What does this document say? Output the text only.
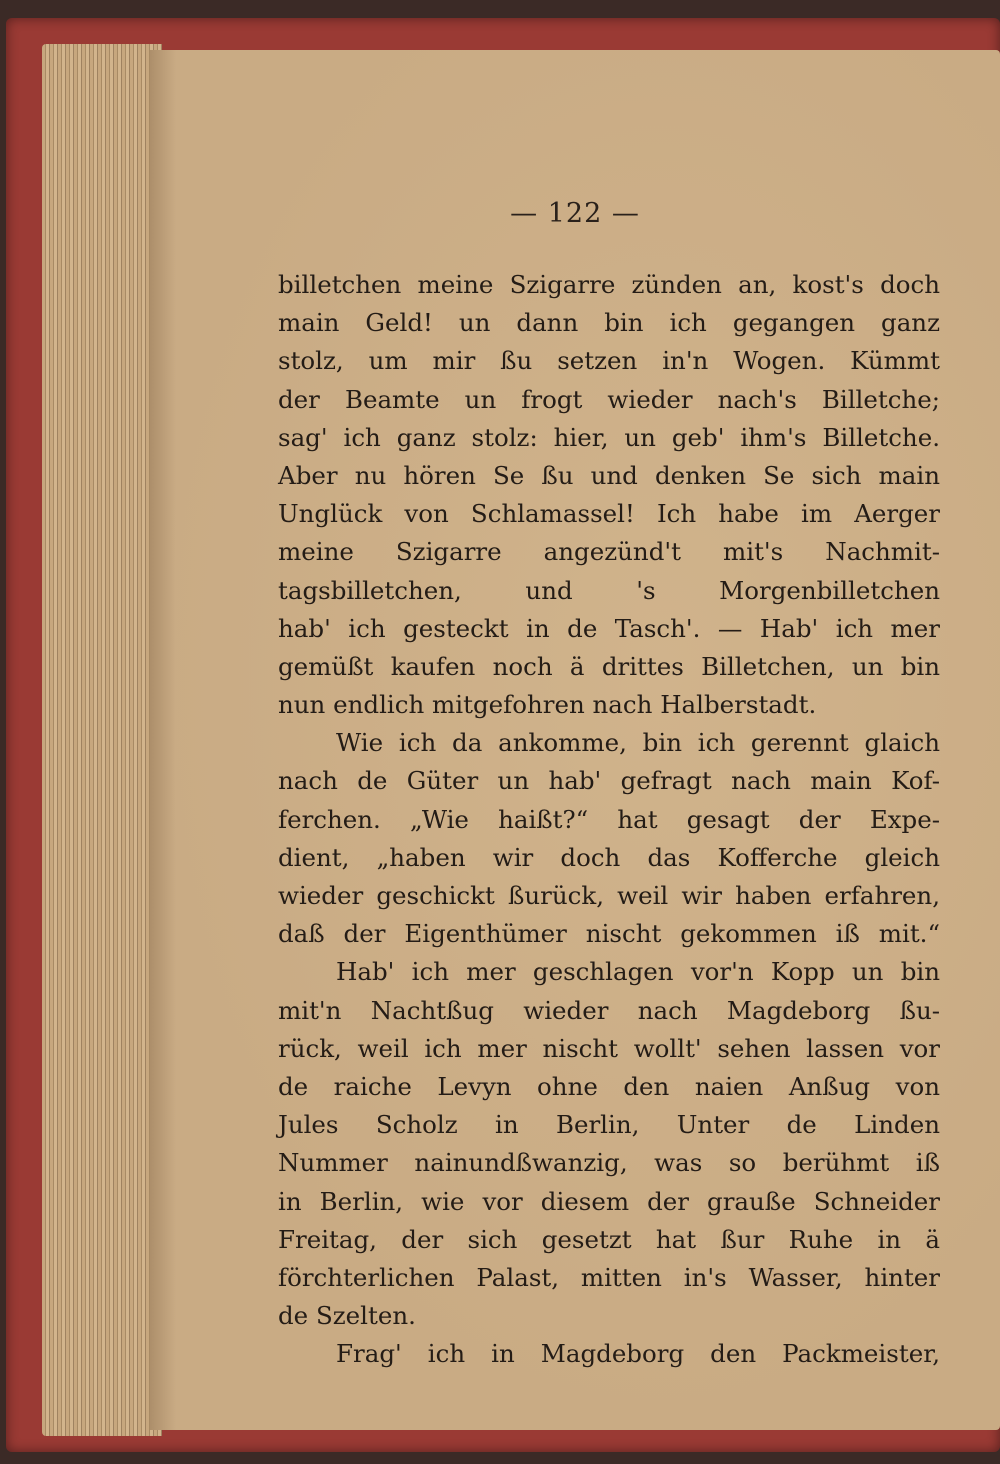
— 122 —
billetchen meine Szigarre zünden an, kost's doch
main Geld! un dann bin ich gegangen ganz
stolz, um mir ßu setzen in'n Wogen. Kümmt
der Beamte un frogt wieder nach's Billetche;
sag' ich ganz stolz: hier, un geb' ihm's Billetche.
Aber nu hören Se ßu und denken Se sich main
Unglück von Schlamassel! Ich habe im Aerger
meine Szigarre angezünd't mit's Nachmit-
tagsbilletchen, und 's Morgenbilletchen
hab' ich gesteckt in de Tasch'. — Hab' ich mer
gemüßt kaufen noch ä drittes Billetchen, un bin
nun endlich mitgefohren nach Halberstadt.
Wie ich da ankomme, bin ich gerennt glaich
nach de Güter un hab' gefragt nach main Kof-
ferchen. „Wie haißt?“ hat gesagt der Expe-
dient, „haben wir doch das Kofferche gleich
wieder geschickt ßurück, weil wir haben erfahren,
daß der Eigenthümer nischt gekommen iß mit.“
Hab' ich mer geschlagen vor'n Kopp un bin
mit'n Nachtßug wieder nach Magdeborg ßu-
rück, weil ich mer nischt wollt' sehen lassen vor
de raiche Levyn ohne den naien Anßug von
Jules Scholz in Berlin, Unter de Linden
Nummer nainundßwanzig, was so berühmt iß
in Berlin, wie vor diesem der grauße Schneider
Freitag, der sich gesetzt hat ßur Ruhe in ä
förchterlichen Palast, mitten in's Wasser, hinter
de Szelten.
Frag' ich in Magdeborg den Packmeister,
